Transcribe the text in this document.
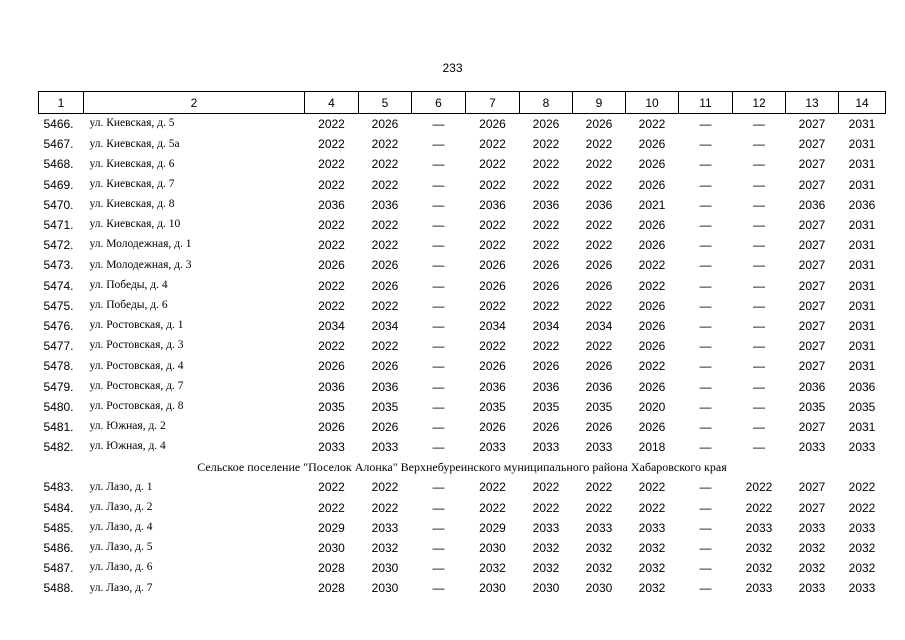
233
1	2	4	5	6	7	8	9	10	11	12	13	14
5466.	ул. Киевская, д. 5	2022	2026	—	2026	2026	2026	2022	—	—	2027	2031
5467.	ул. Киевская, д. 5а	2022	2022	—	2022	2022	2022	2026	—	—	2027	2031
5468.	ул. Киевская, д. 6	2022	2022	—	2022	2022	2022	2026	—	—	2027	2031
5469.	ул. Киевская, д. 7	2022	2022	—	2022	2022	2022	2026	—	—	2027	2031
5470.	ул. Киевская, д. 8	2036	2036	—	2036	2036	2036	2021	—	—	2036	2036
5471.	ул. Киевская, д. 10	2022	2022	—	2022	2022	2022	2026	—	—	2027	2031
5472.	ул. Молодежная, д. 1	2022	2022	—	2022	2022	2022	2026	—	—	2027	2031
5473.	ул. Молодежная, д. 3	2026	2026	—	2026	2026	2026	2022	—	—	2027	2031
5474.	ул. Победы, д. 4	2022	2026	—	2026	2026	2026	2022	—	—	2027	2031
5475.	ул. Победы, д. 6	2022	2022	—	2022	2022	2022	2026	—	—	2027	2031
5476.	ул. Ростовская, д. 1	2034	2034	—	2034	2034	2034	2026	—	—	2027	2031
5477.	ул. Ростовская, д. 3	2022	2022	—	2022	2022	2022	2026	—	—	2027	2031
5478.	ул. Ростовская, д. 4	2026	2026	—	2026	2026	2026	2022	—	—	2027	2031
5479.	ул. Ростовская, д. 7	2036	2036	—	2036	2036	2036	2026	—	—	2036	2036
5480.	ул. Ростовская, д. 8	2035	2035	—	2035	2035	2035	2020	—	—	2035	2035
5481.	ул. Южная, д. 2	2026	2026	—	2026	2026	2026	2026	—	—	2027	2031
5482.	ул. Южная, д. 4	2033	2033	—	2033	2033	2033	2018	—	—	2033	2033
Сельское поселение "Поселок Алонка" Верхнебуреинского муниципального района Хабаровского края												
5483.	ул. Лазо, д. 1	2022	2022	—	2022	2022	2022	2022	—	2022	2027	2022
5484.	ул. Лазо, д. 2	2022	2022	—	2022	2022	2022	2022	—	2022	2027	2022
5485.	ул. Лазо, д. 4	2029	2033	—	2029	2033	2033	2033	—	2033	2033	2033
5486.	ул. Лазо, д. 5	2030	2032	—	2030	2032	2032	2032	—	2032	2032	2032
5487.	ул. Лазо, д. 6	2028	2030	—	2032	2032	2032	2032	—	2032	2032	2032
5488.	ул. Лазо, д. 7	2028	2030	—	2030	2030	2030	2032	—	2033	2033	2033
